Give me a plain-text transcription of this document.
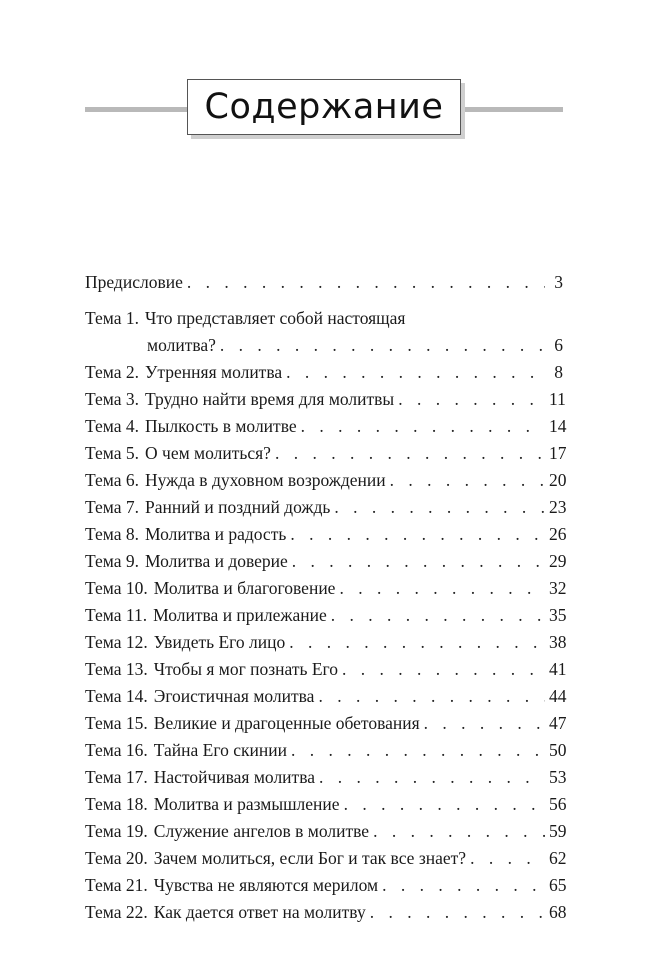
Содержание
Предисловие . . .	3
Тема 1. Что представляет собой настоящая
молитва? . . .	6
Тема 2. Утренняя молитва . . .	8
Тема 3. Трудно найти время для молитвы . . .	11
Тема 4. Пылкость в молитве . . .	14
Тема 5. О чем молиться? . . .	17
Тема 6. Нужда в духовном возрождении . . .	20
Тема 7. Ранний и поздний дождь . . .	23
Тема 8. Молитва и радость . . .	26
Тема 9. Молитва и доверие . . .	29
Тема 10. Молитва и благоговение . . .	32
Тема 11. Молитва и прилежание . . .	35
Тема 12. Увидеть Его лицо . . .	38
Тема 13. Чтобы я мог познать Его . . .	41
Тема 14. Эгоистичная молитва . . .	44
Тема 15. Великие и драгоценные обетования . . .	47
Тема 16. Тайна Его скинии . . .	50
Тема 17. Настойчивая молитва . . .	53
Тема 18. Молитва и размышление . . .	56
Тема 19. Служение ангелов в молитве . . .	59
Тема 20. Зачем молиться, если Бог и так все знает? . . .	62
Тема 21. Чувства не являются мерилом . . .	65
Тема 22. Как дается ответ на молитву . . .	68
